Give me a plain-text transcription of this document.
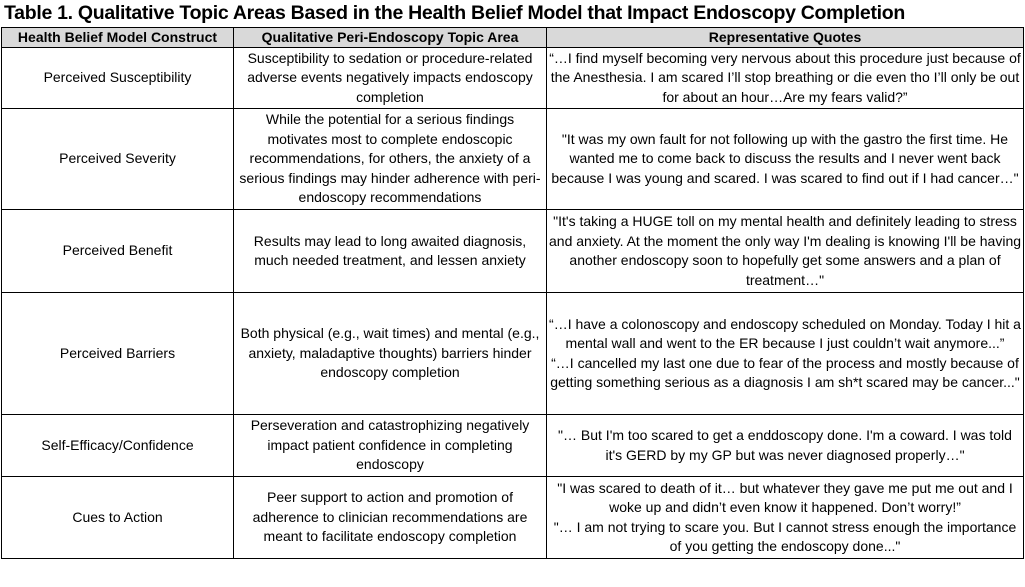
Table 1. Qualitative Topic Areas Based in the Health Belief Model that Impact Endoscopy Completion
Health Belief Model Construct	Qualitative Peri-Endoscopy Topic Area	Representative Quotes
Perceived Susceptibility	Susceptibility to sedation or procedure-related adverse events negatively impacts endoscopy completion	“…I find myself becoming very nervous about this procedure just because of the Anesthesia. I am scared I’ll stop breathing or die even tho I’ll only be out for about an hour…Are my fears valid?”

Perceived Severity	While the potential for a serious findings motivates most to complete endoscopic recommendations, for others, the anxiety of a serious findings may hinder adherence with peri-endoscopy recommendations	"It was my own fault for not following up with the gastro the first time. He wanted me to come back to discuss the results and I never went back because I was young and scared. I was scared to find out if I had cancer…"

Perceived Benefit	Results may lead to long awaited diagnosis, much needed treatment, and lessen anxiety	"It's taking a HUGE toll on my mental health and definitely leading to stress and anxiety. At the moment the only way I'm dealing is knowing I'll be having another endoscopy soon to hopefully get some answers and a plan of treatment…"

Perceived Barriers	Both physical (e.g., wait times) and mental (e.g., anxiety, maladaptive thoughts) barriers hinder endoscopy completion	“…I have a colonoscopy and endoscopy scheduled on Monday. Today I hit a mental wall and went to the ER because I just couldn’t wait anymore...”
“…I cancelled my last one due to fear of the process and mostly because of getting something serious as a diagnosis I am sh*t scared may be cancer..."

Self-Efficacy/Confidence	Perseveration and catastrophizing negatively impact patient confidence in completing endoscopy	"… But I'm too scared to get a enddoscopy done. I'm a coward. I was told it's GERD by my GP but was never diagnosed properly…"

Cues to Action	Peer support to action and promotion of adherence to clinician recommendations are meant to facilitate endoscopy completion	"I was scared to death of it… but whatever they gave me put me out and I woke up and didn’t even know it happened. Don’t worry!”
"… I am not trying to scare you. But I cannot stress enough the importance of you getting the endoscopy done..."
